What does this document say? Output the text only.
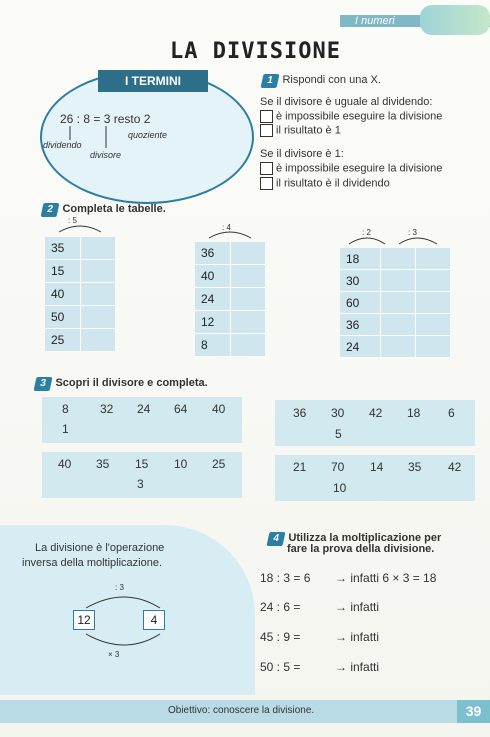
I numeri
LA DIVISIONE
I TERMINI
26 : 8 = 3 resto 2
quoziente
dividendo
divisore
1 Rispondi con una X.
Se il divisore è uguale al dividendo:
è impossibile eseguire la divisione
il risultato è 1
Se il divisore è 1:
è impossibile eseguire la divisione
il risultato è il dividendo
2 Completa le tabelle.
: 5
35
15
40
50
25
: 4
36
40
24
12
8
: 2	: 3
18
30
60
36
24
3 Scopri il divisore e completa.
8	32 24 64 40
1
36 30 42 18 6
5
40 35 15 10 25
3
21 70 14 35 42
10
La divisione è l'operazione
inversa della moltiplicazione.
: 3
× 3
12	4
4 Utilizza la moltiplicazione per
fare la prova della divisione.
18 : 3 = 6 → infatti 6 × 3 = 18
24 : 6 =	→ infatti
45 : 9 =	→ infatti
50 : 5 =	→ infatti
Obiettivo: conoscere la divisione.	39
